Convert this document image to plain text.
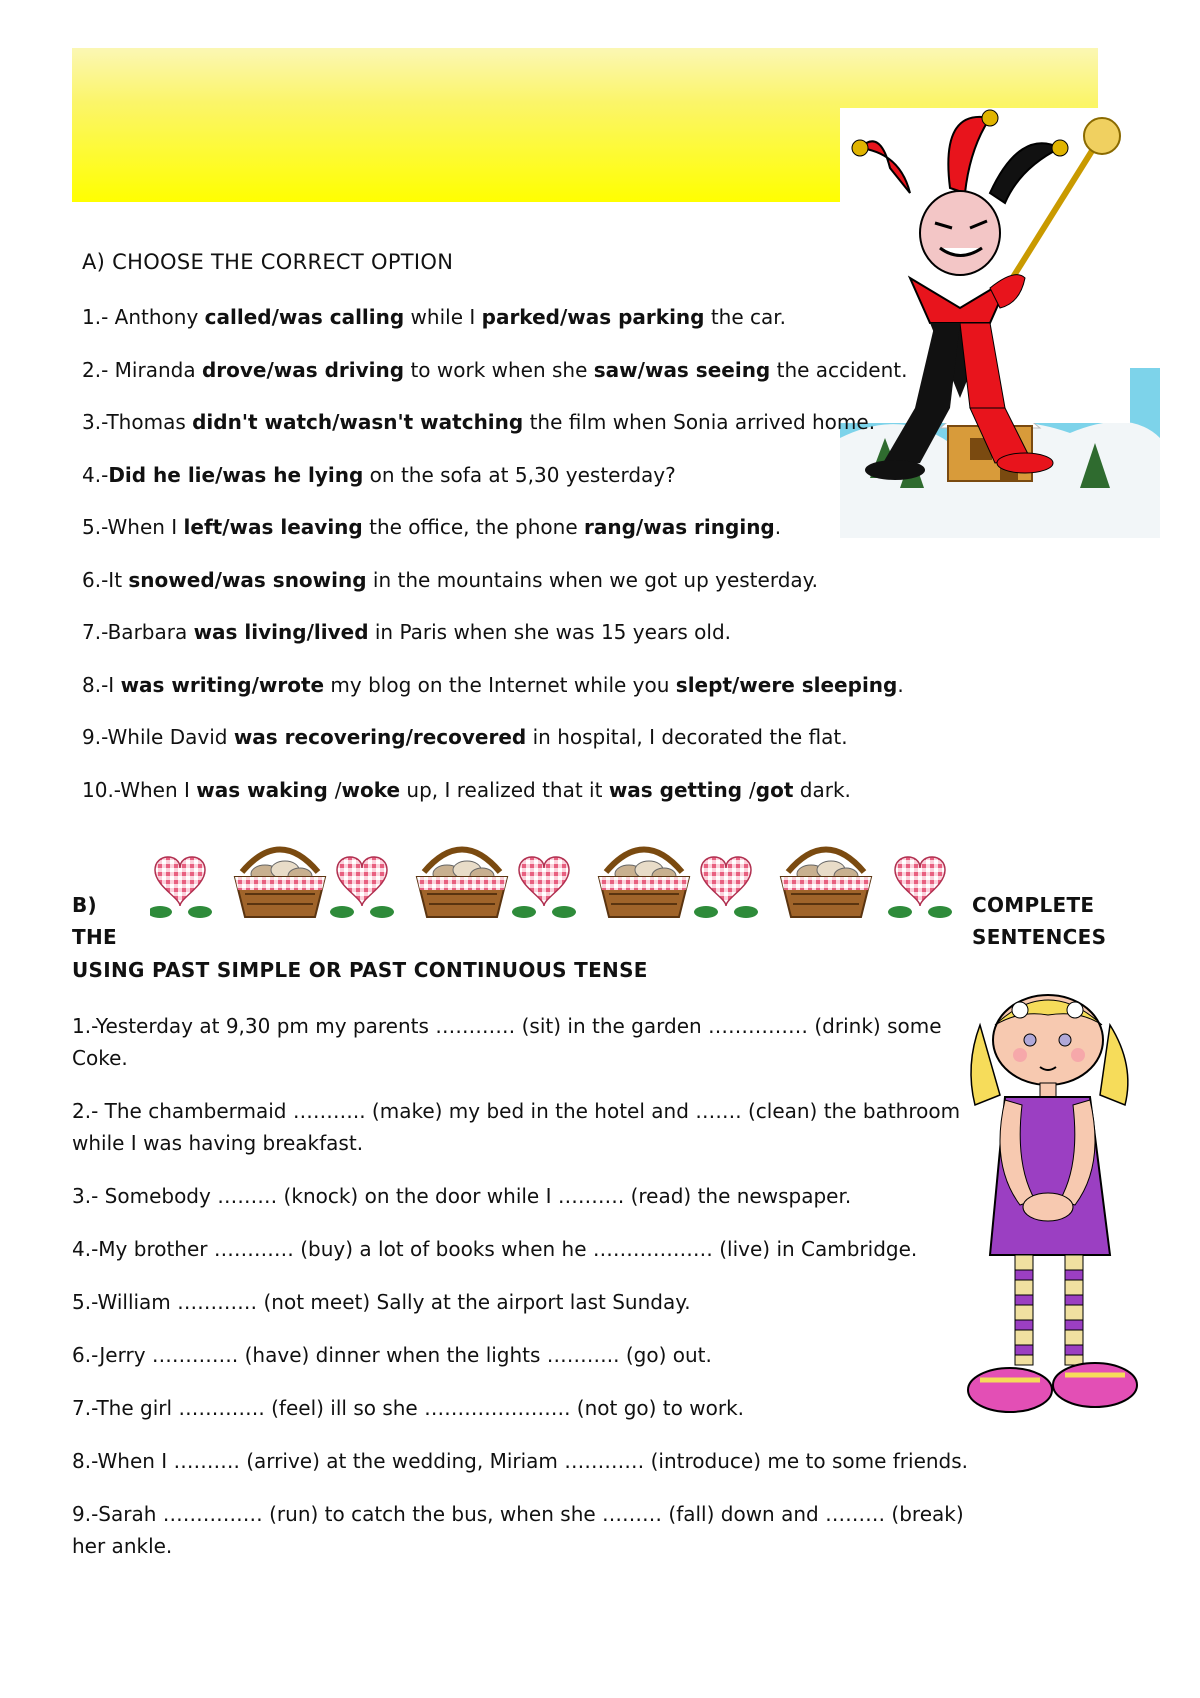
A) CHOOSE THE CORRECT OPTION
1.- Anthony called/was calling while I parked/was parking the car.
2.- Miranda drove/was driving to work when she saw/was seeing the accident.
3.-Thomas didn't watch/wasn't watching the film when Sonia arrived home.
4.-Did he lie/was he lying on the sofa at 5,30 yesterday?
5.-When I left/was leaving the office, the phone rang/was ringing.
6.-It snowed/was snowing in the mountains when we got up yesterday.
7.-Barbara was living/lived in Paris when she was 15 years old.
8.-I was writing/wrote my blog on the Internet while you slept/were sleeping.
9.-While David was recovering/recovered in hospital, I decorated the flat.
10.-When I was waking /woke up, I realized that it was getting /got dark.
B)	COMPLETE
THE	SENTENCES
USING PAST SIMPLE OR PAST CONTINUOUS TENSE
1.-Yesterday at 9,30 pm my parents ………… (sit) in the garden …………… (drink) some Coke.
2.- The chambermaid ……….. (make) my bed in the hotel and ……. (clean) the bathroom while I was having breakfast.
3.- Somebody ……… (knock) on the door while I ………. (read) the newspaper.
4.-My brother ………… (buy) a lot of books when he ……………… (live) in Cambridge.
5.-William ………… (not meet) Sally at the airport last Sunday.
6.-Jerry …………. (have) dinner when the lights ……….. (go) out.
7.-The girl …………. (feel) ill so she …………………. (not go) to work.
8.-When I ………. (arrive) at the wedding, Miriam ………… (introduce) me to some friends.
9.-Sarah …………… (run) to catch the bus, when she ……… (fall) down and ……… (break) her ankle.
